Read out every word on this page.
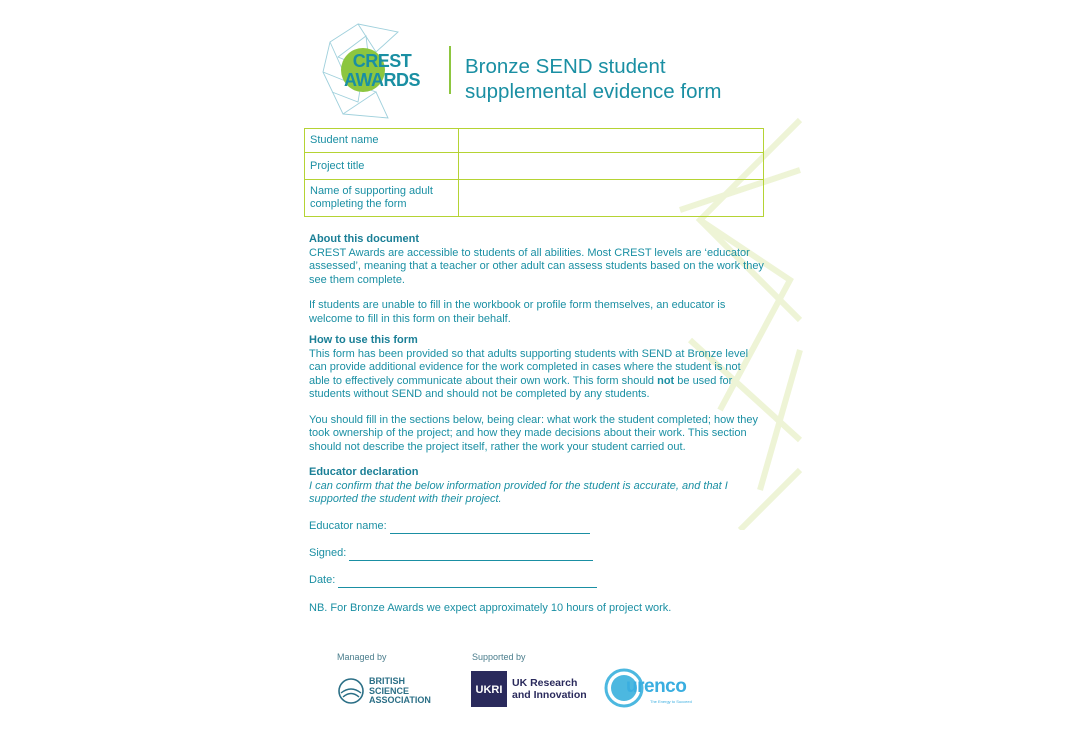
CREST
AWARDS
Bronze SEND student
supplemental evidence form
Student name	
Project title	
Name of supporting adult completing the form	
About this document

CREST Awards are accessible to students of all abilities. Most CREST levels are ‘educator assessed’, meaning that a teacher or other adult can assess students based on the work they see them complete.

If students are unable to fill in the workbook or profile form themselves, an educator is welcome to fill in this form on their behalf.

How to use this form

This form has been provided so that adults supporting students with SEND at Bronze level can provide additional evidence for the work completed in cases where the student is not able to effectively communicate about their own work. This form should not be used for students without SEND and should not be completed by any students.

You should fill in the sections below, being clear: what work the student completed; how they took ownership of the project; and how they made decisions about their work. This section should not describe the project itself, rather the work your student carried out.

Educator declaration

I can confirm that the below information provided for the student is accurate, and that I supported the student with their project.

Educator name:
Signed:
Date:

NB. For Bronze Awards we expect approximately 10 hours of project work.

Managed by	Supported by
BRITISH
SCIENCE
ASSOCIATION
UKRI
UK Research
and Innovation urenco
The Energy to Succeed
